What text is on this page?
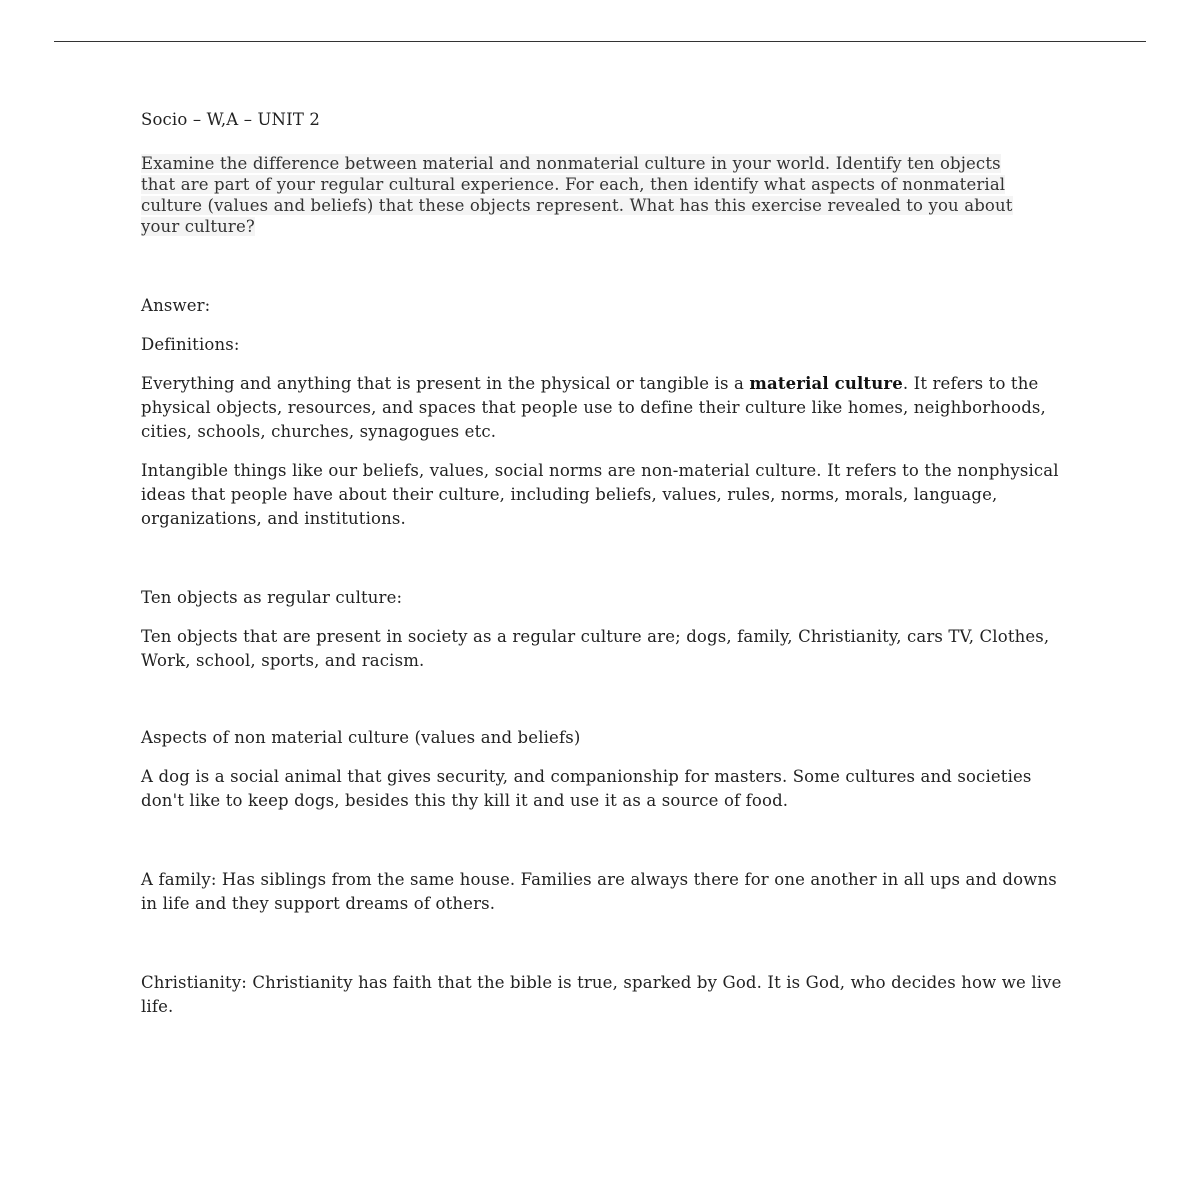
Socio – W,A – UNIT 2

Examine the difference between material and nonmaterial culture in your world. Identify ten objects that are part of your regular cultural experience. For each, then identify what aspects of nonmaterial culture (values and beliefs) that these objects represent. What has this exercise revealed to you about your culture?

Answer:

Definitions:

Everything and anything that is present in the physical or tangible is a material culture. It refers to the physical objects, resources, and spaces that people use to define their culture like homes, neighborhoods, cities, schools, churches, synagogues etc.

Intangible things like our beliefs, values, social norms are non-material culture. It refers to the nonphysical ideas that people have about their culture, including beliefs, values, rules, norms, morals, language, organizations, and institutions.

Ten objects as regular culture:

Ten objects that are present in society as a regular culture are; dogs, family, Christianity, cars TV, Clothes, Work, school, sports, and racism.

Aspects of non material culture (values and beliefs)

A dog is a social animal that gives security, and companionship for masters. Some cultures and societies don't like to keep dogs, besides this thy kill it and use it as a source of food.

A family: Has siblings from the same house. Families are always there for one another in all ups and downs in life and they support dreams of others.

Christianity: Christianity has faith that the bible is true, sparked by God. It is God, who decides how we live life.
